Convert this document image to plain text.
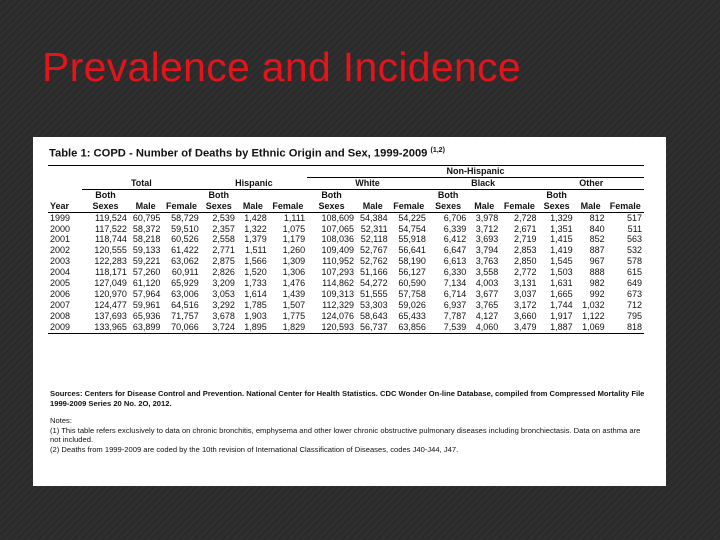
Prevalence and Incidence
Table 1: COPD - Number of Deaths by Ethnic Origin and Sex, 1999-2009 $^{(1,2)}$
							Non-Hispanic								
	Total			Hispanic			White			Black			Other		
	Both			Both			Both			Both			Both		
Year	Sexes	Male	Female	Sexes	Male	Female	Sexes	Male	Female	Sexes	Male	Female	Sexes	Male	Female
1999	119,524	60,795	58,729	2,539	1,428	1,111	108,609	54,384	54,225	6,706	3,978	2,728	1,329	812	517
2000	117,522	58,372	59,510	2,357	1,322	1,075	107,065	52,311	54,754	6,339	3,712	2,671	1,351	840	511
2001	118,744	58,218	60,526	2,558	1,379	1,179	108,036	52,118	55,918	6,412	3,693	2,719	1,415	852	563
2002	120,555	59,133	61,422	2,771	1,511	1,260	109,409	52,767	56,641	6,647	3,794	2,853	1,419	887	532
2003	122,283	59,221	63,062	2,875	1,566	1,309	110,952	52,762	58,190	6,613	3,763	2,850	1,545	967	578
2004	118,171	57,260	60,911	2,826	1,520	1,306	107,293	51,166	56,127	6,330	3,558	2,772	1,503	888	615
2005	127,049	61,120	65,929	3,209	1,733	1,476	114,862	54,272	60,590	7,134	4,003	3,131	1,631	982	649
2006	120,970	57,964	63,006	3,053	1,614	1,439	109,313	51,555	57,758	6,714	3,677	3,037	1,665	992	673
2007	124,477	59,961	64,516	3,292	1,785	1,507	112,329	53,303	59,026	6,937	3,765	3,172	1,744	1,032	712
2008	137,693	65,936	71,757	3,678	1,903	1,775	124,076	58,643	65,433	7,787	4,127	3,660	1,917	1,122	795
2009	133,965	63,899	70,066	3,724	1,895	1,829	120,593	56,737	63,856	7,539	4,060	3,479	1,887	1,069	818
Sources: Centers for Disease Control and Prevention. National Center for Health Statistics. CDC Wonder On-line Database, compiled from Compressed Mortality File 1999-2009 Series 20 No. 2O, 2012.
Notes:
(1) This table refers exclusively to data on chronic bronchitis, emphysema and other lower chronic obstructive pulmonary diseases including bronchiectasis. Data on asthma are not included.
(2) Deaths from 1999-2009 are coded by the 10th revision of International Classification of Diseases, codes J40-J44, J47.
